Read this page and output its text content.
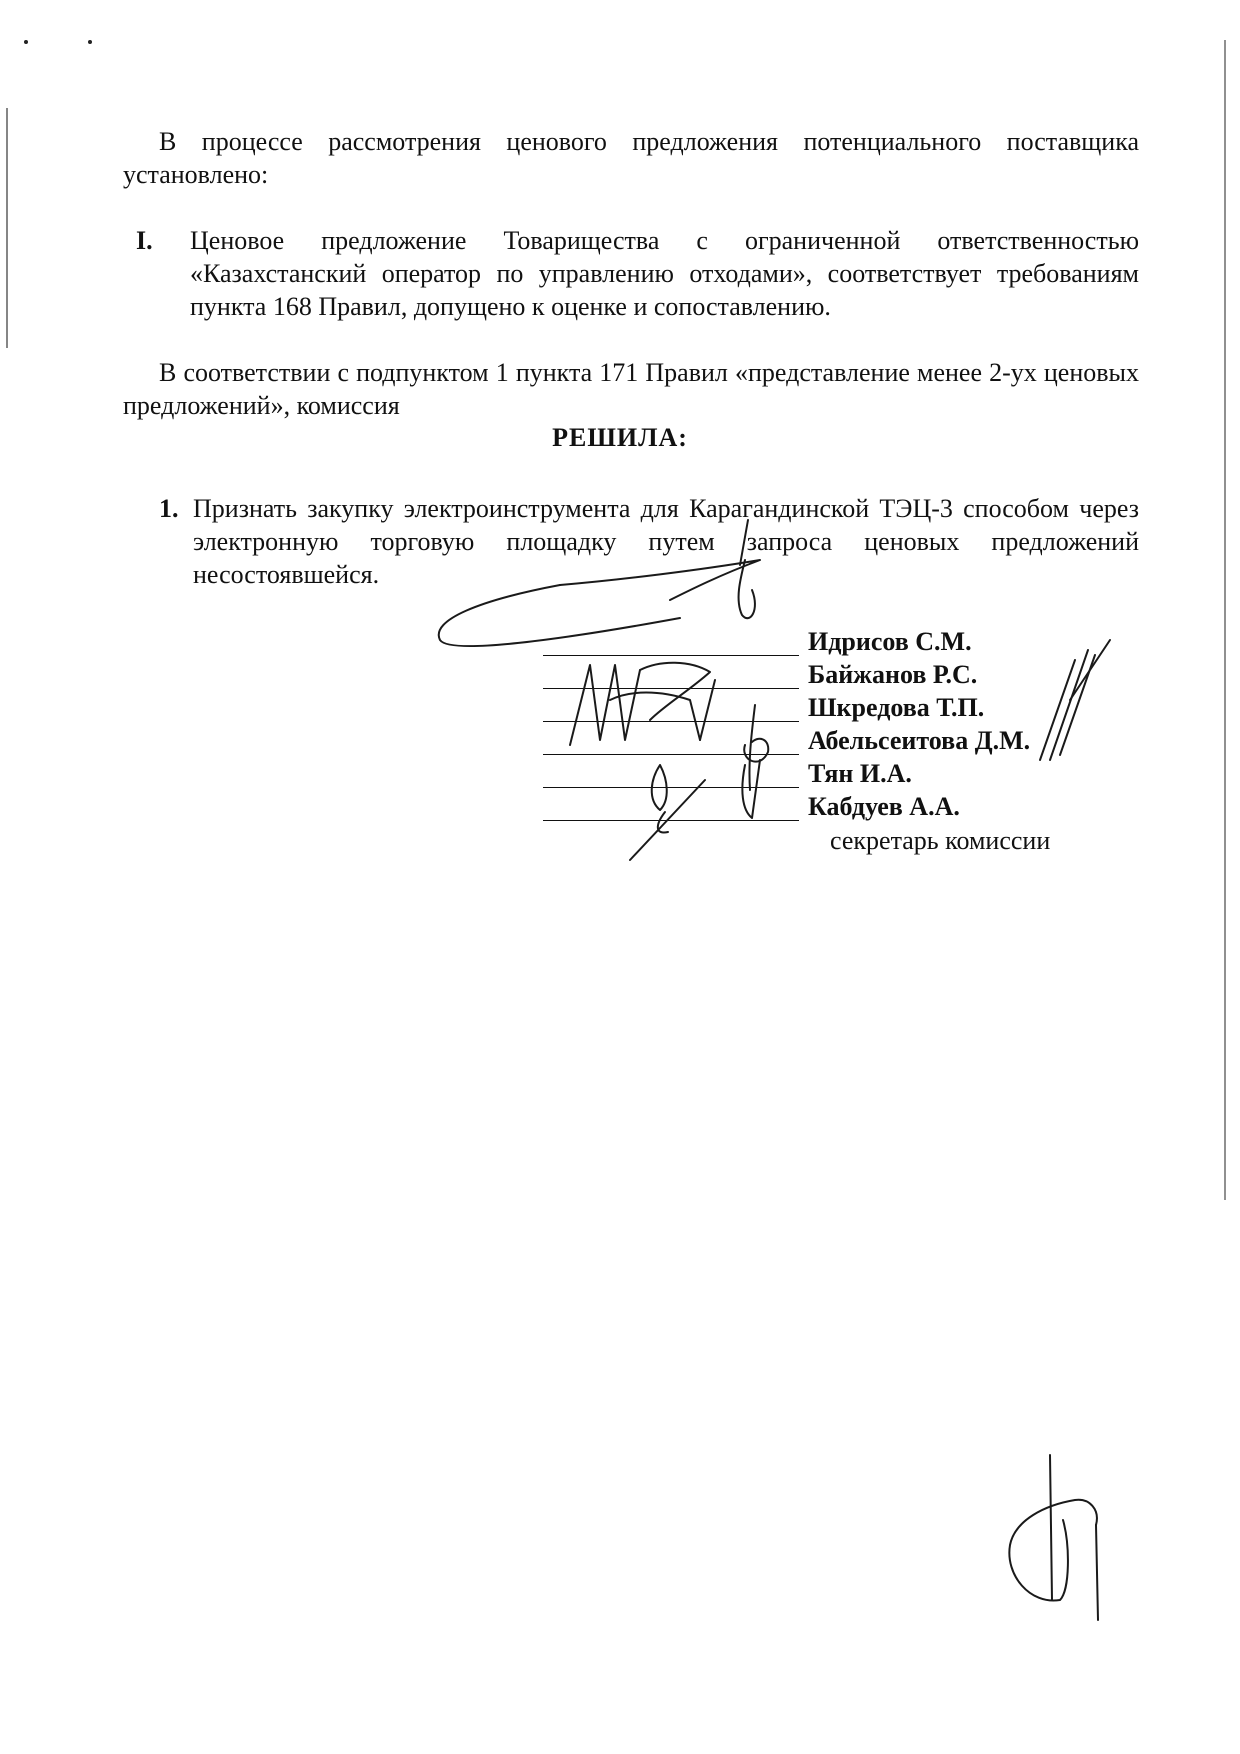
В процессе рассмотрения ценового предложения потенциального поставщика установлено:
I. Ценовое предложение Товарищества с ограниченной ответственностью «Казахстанский оператор по управлению отходами», соответствует требованиям пункта 168 Правил, допущено к оценке и сопоставлению.
В соответствии с подпунктом 1 пункта 171 Правил «представление менее 2-ух ценовых предложений», комиссия
РЕШИЛА:
1. Признать закупку электроинструмента для Карагандинской ТЭЦ-3 способом через электронную торговую площадку путем запроса ценовых предложений несостоявшейся.
Идрисов С.М.
Байжанов Р.С.
Шкредова Т.П.
Абельсеитова Д.М.
Тян И.А.
Кабдуев А.А.
секретарь комиссии
